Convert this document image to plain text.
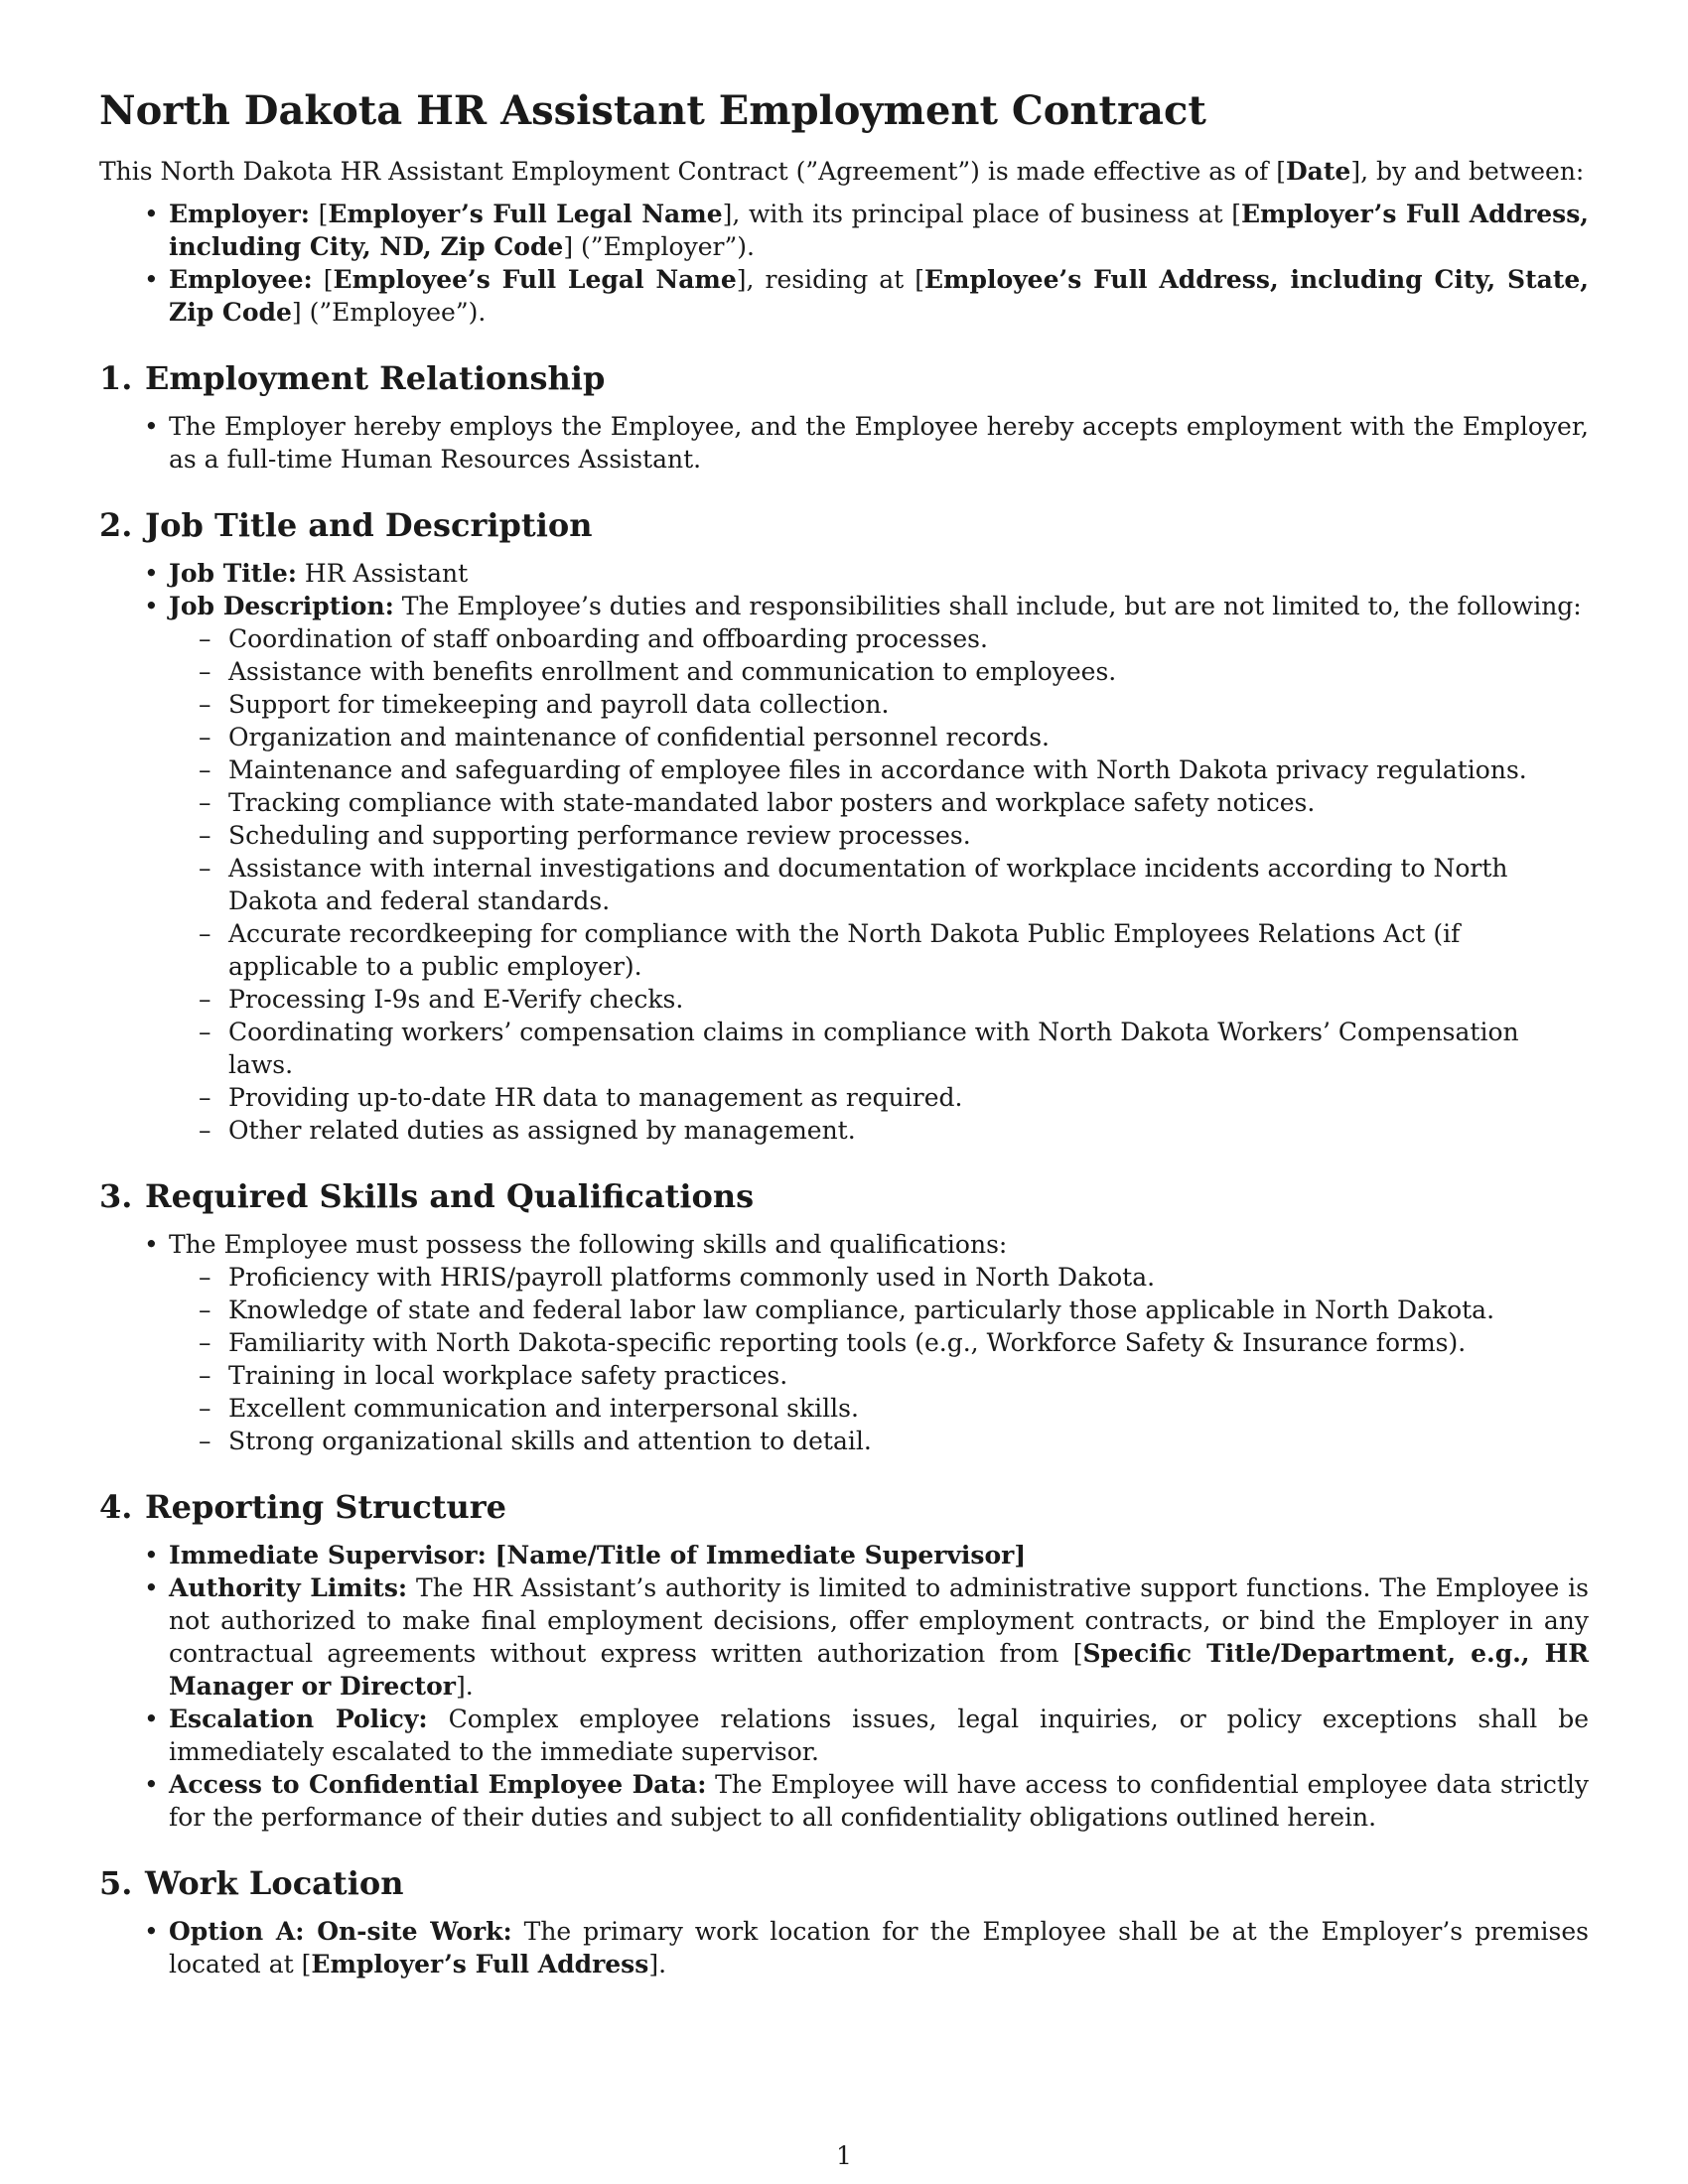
North Dakota HR Assistant Employment Contract

This North Dakota HR Assistant Employment Contract (”Agreement”) is made effective as of [Date], by and between:

• Employer: [Employer’s Full Legal Name], with its principal place of business at [Employer’s Full Address, including City, ND, Zip Code] (”Employer”).
• Employee: [Employee’s Full Legal Name], residing at [Employee’s Full Address, including City, State, Zip Code] (”Employee”).
1. Employment Relationship
• The Employer hereby employs the Employee, and the Employee hereby accepts employment with the Employer, as a full-time Human Resources Assistant.
2. Job Title and Description
• Job Title: HR Assistant
• Job Description: The Employee’s duties and responsibilities shall include, but are not limited to, the following:
– Coordination of staff onboarding and offboarding processes.
– Assistance with benefits enrollment and communication to employees.
– Support for timekeeping and payroll data collection.
– Organization and maintenance of confidential personnel records.
– Maintenance and safeguarding of employee files in accordance with North Dakota privacy regulations.
– Tracking compliance with state-mandated labor posters and workplace safety notices.
– Scheduling and supporting performance review processes.
– Assistance with internal investigations and documentation of workplace incidents according to North Dakota and federal standards.
– Accurate recordkeeping for compliance with the North Dakota Public Employees Relations Act (if applicable to a public employer).
– Processing I-9s and E-Verify checks.
– Coordinating workers’ compensation claims in compliance with North Dakota Workers’ Compensation laws.
– Providing up-to-date HR data to management as required.
– Other related duties as assigned by management.
3. Required Skills and Qualifications
• The Employee must possess the following skills and qualifications:
– Proficiency with HRIS/payroll platforms commonly used in North Dakota.
– Knowledge of state and federal labor law compliance, particularly those applicable in North Dakota.
– Familiarity with North Dakota-specific reporting tools (e.g., Workforce Safety & Insurance forms).
– Training in local workplace safety practices.
– Excellent communication and interpersonal skills.
– Strong organizational skills and attention to detail.
4. Reporting Structure
• Immediate Supervisor: [Name/Title of Immediate Supervisor]
• Authority Limits: The HR Assistant’s authority is limited to administrative support functions. The Employee is not authorized to make final employment decisions, offer employment contracts, or bind the Employer in any contractual agreements without express written authorization from [Specific Title/Department, e.g., HR Manager or Director].
• Escalation Policy: Complex employee relations issues, legal inquiries, or policy exceptions shall be immediately escalated to the immediate supervisor.
• Access to Confidential Employee Data: The Employee will have access to confidential employee data strictly for the performance of their duties and subject to all confidentiality obligations outlined herein.
5. Work Location
• Option A: On-site Work: The primary work location for the Employee shall be at the Employer’s premises located at [Employer’s Full Address].
1
